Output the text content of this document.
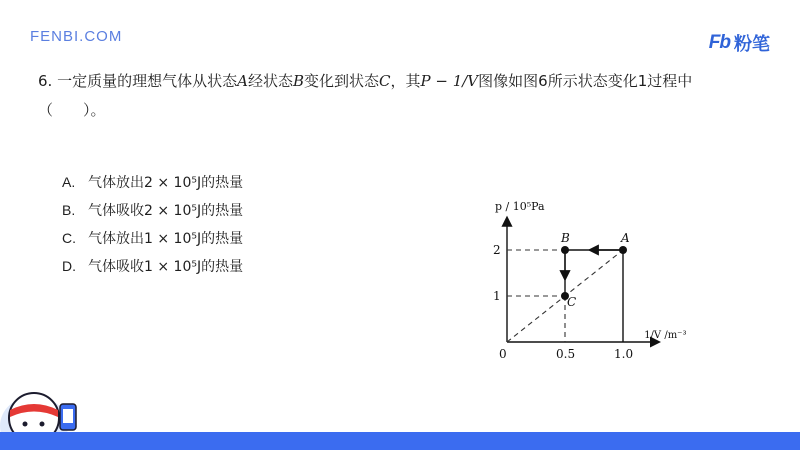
FENBI.COM	Fb 粉笔
6. 一定质量的理想气体从状态A经状态B变化到状态C，其P − 1/V图像如图6所示状态变化1过程中
（　　）。
A. 气体放出2 × 10⁵J的热量
B. 气体吸收2 × 10⁵J的热量
C. 气体放出1 × 10⁵J的热量
D. 气体吸收1 × 10⁵J的热量
A
B
C
0	0.5	1.0
1
2
p / 10⁵Pa
1/V /m⁻³
